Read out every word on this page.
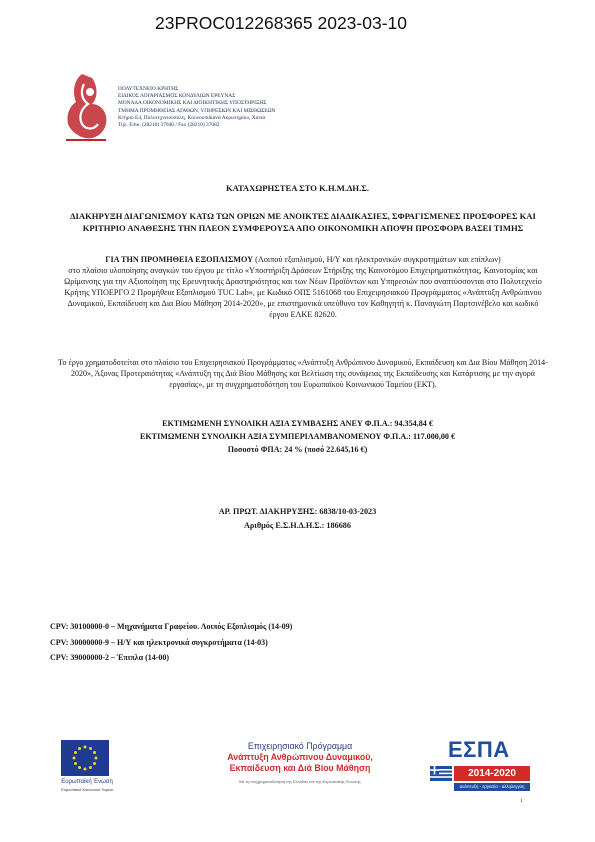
23PROC012268365 2023-03-10
ΠΟΛΥΤΕΧΝΕΙΟ ΚΡΗΤΗΣ
ΕΙΔΙΚΟΣ ΛΟΓΑΡΙΑΣΜΟΣ ΚΟΝΔΥΛΙΩΝ ΕΡΕΥΝΑΣ
ΜΟΝΑΔΑ ΟΙΚΟΝΟΜΙΚΗΣ ΚΑΙ ΔΙΟΙΚΗΤΙΚΗΣ ΥΠΟΣΤΗΡΙΞΗΣ
ΤΜΗΜΑ ΠΡΟΜΗΘΕΙΑΣ ΑΓΑΘΩΝ, ΥΠΗΡΕΣΙΩΝ ΚΑΙ ΜΙΣΘΩΣΕΩΝ
Κτήριο Ε4, Πολυτεχνειούπολη, Κουνουπιδιανά Ακρωτηρίου, Χανιά
Τηλ. Επικ. (28210) 37040 / Fax (28210) 37082
ΚΑΤΑΧΩΡΗΣΤΕΑ ΣΤΟ Κ.Η.Μ.ΔΗ.Σ.
ΔΙΑΚΗΡΥΞΗ ΔΙΑΓΩΝΙΣΜΟΥ ΚΑΤΩ ΤΩΝ ΟΡΙΩΝ ΜΕ ΑΝΟΙΚΤΕΣ ΔΙΑΔΙΚΑΣΙΕΣ, ΣΦΡΑΓΙΣΜΕΝΕΣ ΠΡΟΣΦΟΡΕΣ ΚΑΙ ΚΡΙΤΗΡΙΟ ΑΝΑΘΕΣΗΣ ΤΗΝ ΠΛΕΟΝ ΣΥΜΦΕΡΟΥΣΑ ΑΠΟ ΟΙΚΟΝΟΜΙΚΗ ΑΠΟΨΗ ΠΡΟΣΦΟΡΑ ΒΑΣΕΙ ΤΙΜΗΣ
ΓΙΑ ΤΗΝ ΠΡΟΜΗΘΕΙΑ ΕΞΟΠΛΙΣΜΟΥ (Λοιπού εξοπλισμού, Η/Υ και ηλεκτρονικών συγκροτημάτων και επίπλων)
στο πλαίσιο υλοποίησης αναγκών του έργου με τίτλο «Υποστήριξη Δράσεων Στήριξης της Καινοτόμου Επιχειρηματικότητας, Καινοτομίας και Ωρίμανσης για την Αξιοποίηση της Ερευνητικής Δραστηριότητας και των Νέων Προϊόντων και Υπηρεσιών που αναπτύσσονται στο Πολυτεχνείο Κρήτης ΥΠΟΕΡΓΟ 2 Προμήθεια Εξοπλισμού TUC Lab», με Κωδικό ΟΠΣ 5161068 του Επιχειρησιακού Προγράμματος «Ανάπτυξη Ανθρώπινου Δυναμικού, Εκπαίδευση και Δια Βίου Μάθηση 2014-2020», με επιστημονικά υπεύθυνο τον Καθηγητή κ. Παναγιώτη Παρτσινέβελο και κωδικό έργου ΕΛΚΕ 82620.
Το έργο χρηματοδοτείται στο πλαίσιο του Επιχειρησιακού Προγράμματος «Ανάπτυξη Ανθρώπινου Δυναμικού, Εκπαίδευση και Δια Βίου Μάθηση 2014-2020», Άξονας Προτεραιότητας «Ανάπτυξη της Διά Βίου Μάθησης και Βελτίωση της συνάφειας της Εκπαίδευσης και Κατάρτισης με την αγορά εργασίας», με τη συγχρηματοδότηση του Ευρωπαϊκού Κοινωνικού Ταμείου (ΕΚΤ).
ΕΚΤΙΜΩΜΕΝΗ ΣΥΝΟΛΙΚΗ ΑΞΙΑ ΣΥΜΒΑΣΗΣ ΑΝΕΥ Φ.Π.Α.: 94.354,84 €
ΕΚΤΙΜΩΜΕΝΗ ΣΥΝΟΛΙΚΗ ΑΞΙΑ ΣΥΜΠΕΡΙΛΑΜΒΑΝΟΜΕΝΟΥ Φ.Π.Α.: 117.000,00 €
Ποσοστό ΦΠΑ: 24 % (ποσό 22.645,16 €)
ΑΡ. ΠΡΩΤ. ΔΙΑΚΗΡΥΞΗΣ: 6838/10-03-2023
Αριθμός Ε.Σ.Η.Δ.Η.Σ.: 186686
CPV: 30100000-0 – Μηχανήματα Γραφείου. Λοιπός Εξοπλισμός (14-09)
CPV: 30000000-9 – Η/Υ και ηλεκτρονικά συγκροτήματα (14-03)
CPV: 39000000-2 – Έπιπλα (14-00)
Ευρωπαϊκή Ένωση
Ευρωπαϊκό Κοινωνικό Ταμείο
Επιχειρησιακό Πρόγραμμα
Ανάπτυξη Ανθρώπινου Δυναμικού,
Εκπαίδευση και Διά Βίου Μάθηση
Με τη συγχρηματοδότηση της Ελλάδας και της Ευρωπαϊκής Ένωσης
ΕΣΠΑ
2014-2020
ανάπτυξη - εργασία - αλληλεγγύη
1
